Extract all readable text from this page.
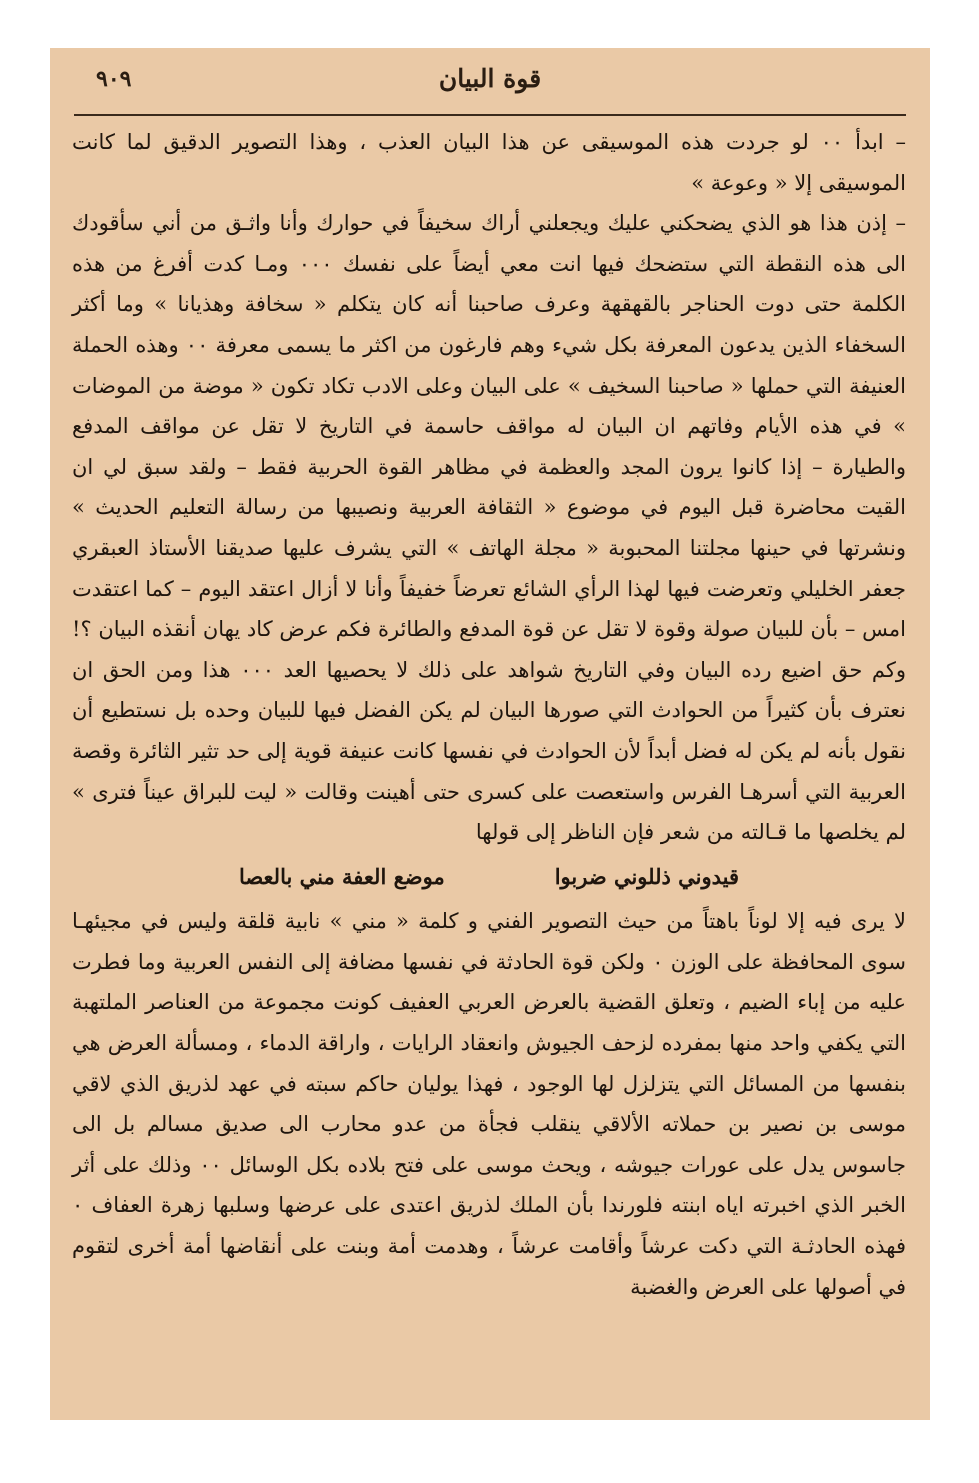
قوة البيان
٩٠٩

– ابدأ ٠٠ لو جردت هذه الموسيقى عن هذا البيان العذب ، وهذا التصوير الدقيق لما كانت الموسيقى إلا « وعوعة »

– إذن هذا هو الذي يضحكني عليك ويجعلني أراك سخيفاً في حوارك وأنا واثـق من أني سأقودك الى هذه النقطة التي ستضحك فيها انت معي أيضاً على نفسك ٠٠٠ ومـا كدت أفرغ من هذه الكلمة حتى دوت الحناجر بالقهقهة وعرف صاحبنا أنه كان يتكلم « سخافة وهذيانا » وما أكثر السخفاء الذين يدعون المعرفة بكل شيء وهم فارغون من اكثر ما يسمى معرفة ٠٠ وهذه الحملة العنيفة التي حملها « صاحبنا السخيف » على البيان وعلى الادب تكاد تكون « موضة من الموضات » في هذه الأيام وفاتهم ان البيان له مواقف حاسمة في التاريخ لا تقل عن مواقف المدفع والطيارة – إذا كانوا يرون المجد والعظمة في مظاهر القوة الحربية فقط – ولقد سبق لي ان القيت محاضرة قبل اليوم في موضوع « الثقافة العربية ونصيبها من رسالة التعليم الحديث » ونشرتها في حينها مجلتنا المحبوبة « مجلة الهاتف » التي يشرف عليها صديقنا الأستاذ العبقري جعفر الخليلي وتعرضت فيها لهذا الرأي الشائع تعرضاً خفيفاً وأنا لا أزال اعتقد اليوم – كما اعتقدت امس – بأن للبيان صولة وقوة لا تقل عن قوة المدفع والطائرة فكم عرض كاد يهان أنقذه البيان ؟! وكم حق اضيع رده البيان وفي التاريخ شواهد على ذلك لا يحصيها العد ٠٠٠ هذا ومن الحق ان نعترف بأن كثيراً من الحوادث التي صورها البيان لم يكن الفضل فيها للبيان وحده بل نستطيع أن نقول بأنه لم يكن له فضل أبداً لأن الحوادث في نفسها كانت عنيفة قوية إلى حد تثير الثائرة وقصة العربية التي أسرهـا الفرس واستعصت على كسرى حتى أهينت وقالت « ليت للبراق عيناً فترى » لم يخلصها ما قـالته من شعر فإن الناظر إلى قولها

قيدوني ذللوني ضربوا
موضع العفة مني بالعصا

لا يرى فيه إلا لوناً باهتاً من حيث التصوير الفني و كلمة « مني » نابية قلقة وليس في مجيئهـا سوى المحافظة على الوزن ٠ ولكن قوة الحادثة في نفسها مضافة إلى النفس العربية وما فطرت عليه من إباء الضيم ، وتعلق القضية بالعرض العربي العفيف كونت مجموعة من العناصر الملتهبة التي يكفي واحد منها بمفرده لزحف الجيوش وانعقاد الرايات ، واراقة الدماء ، ومسألة العرض هي بنفسها من المسائل التي يتزلزل لها الوجود ، فهذا يوليان حاكم سبته في عهد لذريق الذي لاقي موسى بن نصير بن حملاته الألاقي ينقلب فجأة من عدو محارب الى صديق مسالم بل الى جاسوس يدل على عورات جيوشه ، ويحث موسى على فتح بلاده بكل الوسائل ٠٠ وذلك على أثر الخبر الذي اخبرته اياه ابنته فلورندا بأن الملك لذريق اعتدى على عرضها وسلبها زهرة العفاف ٠ فهذه الحادثـة التي دكت عرشاً وأقامت عرشاً ، وهدمت أمة وبنت على أنقاضها أمة أخرى لتقوم في أصولها على العرض والغضبة
